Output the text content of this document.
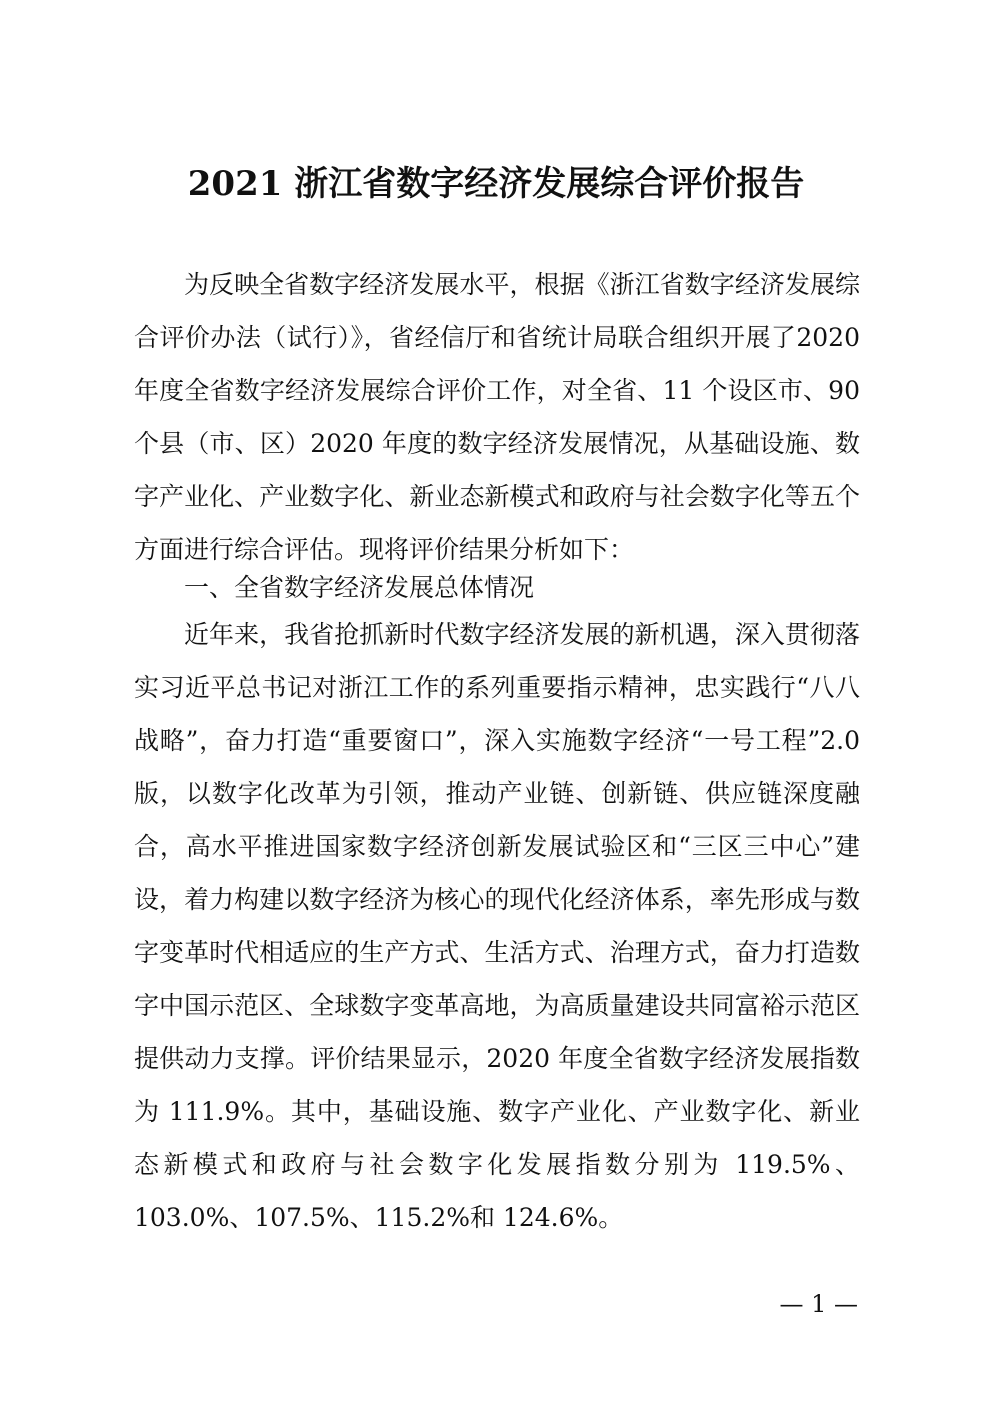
2021 浙江省数字经济发展综合评价报告

为反映全省数字经济发展水平，根据《浙江省数字经济发展综合评价办法（试行）》，省经信厅和省统计局联合组织开展了2020 年度全省数字经济发展综合评价工作，对全省、11 个设区市、90 个县（市、区）2020 年度的数字经济发展情况，从基础设施、数字产业化、产业数字化、新业态新模式和政府与社会数字化等五个方面进行综合评估。现将评价结果分析如下：

一、全省数字经济发展总体情况

近年来，我省抢抓新时代数字经济发展的新机遇，深入贯彻落实习近平总书记对浙江工作的系列重要指示精神，忠实践行“八八战略”，奋力打造“重要窗口”，深入实施数字经济“一号工程”2.0 版，以数字化改革为引领，推动产业链、创新链、供应链深度融合，高水平推进国家数字经济创新发展试验区和“三区三中心”建设，着力构建以数字经济为核心的现代化经济体系，率先形成与数字变革时代相适应的生产方式、生活方式、治理方式，奋力打造数字中国示范区、全球数字变革高地，为高质量建设共同富裕示范区提供动力支撑。评价结果显示，2020 年度全省数字经济发展指数为 111.9%。其中，基础设施、数字产业化、产业数字化、新业态新模式和政府与社会数字化发展指数分别为 119.5%、103.0%、107.5%、115.2%和 124.6%。

— 1 —
